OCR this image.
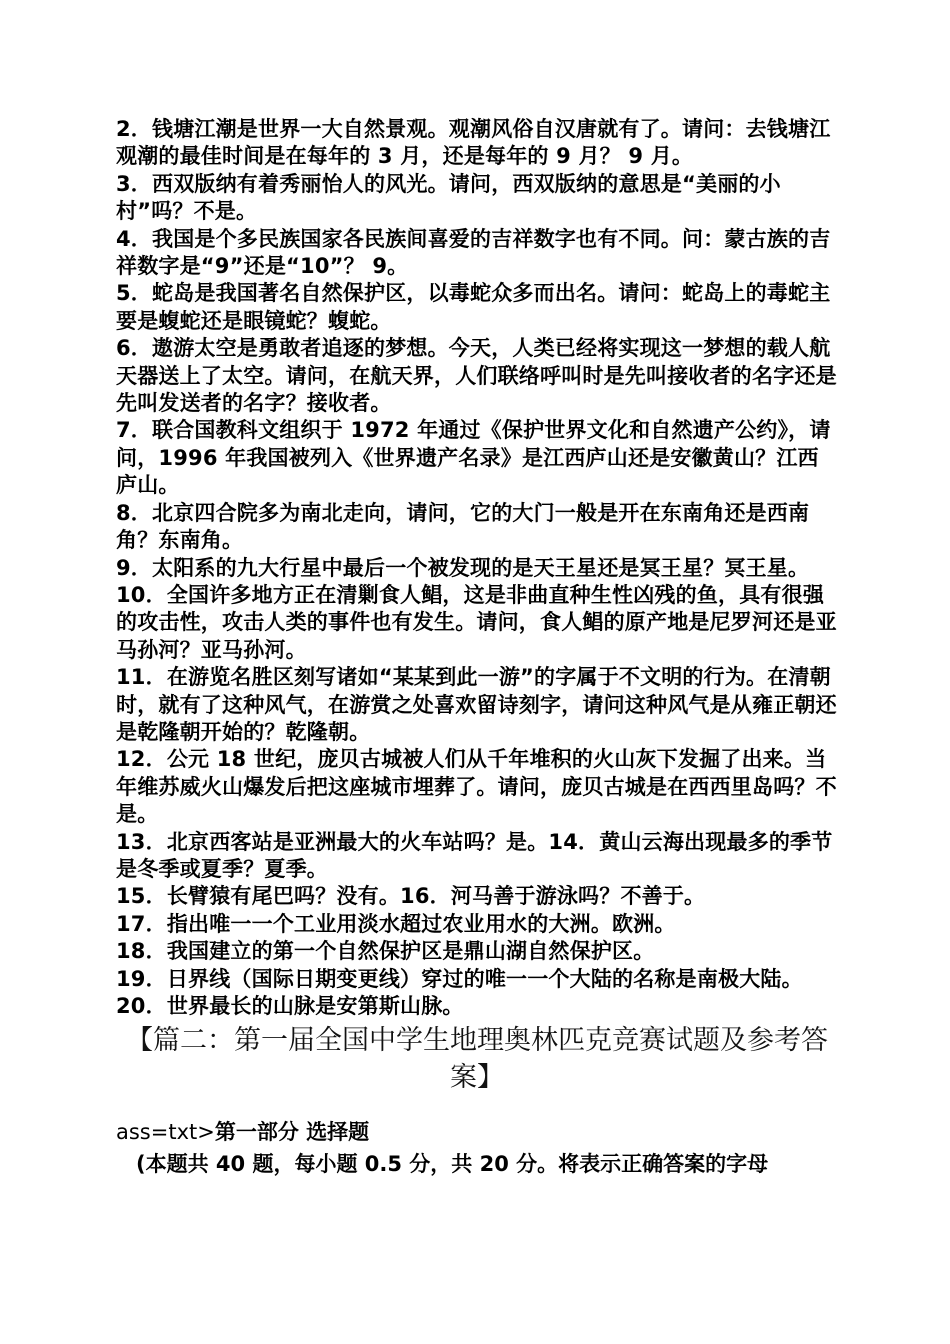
2．钱塘江潮是世界一大自然景观。观潮风俗自汉唐就有了。请问：去钱塘江观潮的最佳时间是在每年的 3 月，还是每年的 9 月？ 9 月。

3．西双版纳有着秀丽怡人的风光。请问，西双版纳的意思是“美丽的小村”吗？不是。

4．我国是个多民族国家各民族间喜爱的吉祥数字也有不同。问：蒙古族的吉祥数字是“9”还是“10”？ 9。

5．蛇岛是我国著名自然保护区，以毒蛇众多而出名。请问：蛇岛上的毒蛇主要是蝮蛇还是眼镜蛇？蝮蛇。

6．遨游太空是勇敢者追逐的梦想。今天，人类已经将实现这一梦想的载人航天器送上了太空。请问，在航天界，人们联络呼叫时是先叫接收者的名字还是先叫发送者的名字？接收者。

7．联合国教科文组织于 1972 年通过《保护世界文化和自然遗产公约》，请问，1996 年我国被列入《世界遗产名录》是江西庐山还是安徽黄山？江西庐山。

8．北京四合院多为南北走向，请问，它的大门一般是开在东南角还是西南角？东南角。

9．太阳系的九大行星中最后一个被发现的是天王星还是冥王星？冥王星。

10．全国许多地方正在清剿食人鲳，这是非曲直种生性凶残的鱼，具有很强的攻击性，攻击人类的事件也有发生。请问，食人鲳的原产地是尼罗河还是亚马孙河？亚马孙河。

11．在游览名胜区刻写诸如“某某到此一游”的字属于不文明的行为。在清朝时，就有了这种风气，在游赏之处喜欢留诗刻字，请问这种风气是从雍正朝还是乾隆朝开始的？乾隆朝。

12．公元 18 世纪，庞贝古城被人们从千年堆积的火山灰下发掘了出来。当年维苏威火山爆发后把这座城市埋葬了。请问，庞贝古城是在西西里岛吗？不是。

13．北京西客站是亚洲最大的火车站吗？是。14．黄山云海出现最多的季节是冬季或夏季？夏季。

15．长臂猿有尾巴吗？没有。16．河马善于游泳吗？不善于。

17．指出唯一一个工业用淡水超过农业用水的大洲。欧洲。

18．我国建立的第一个自然保护区是鼎山湖自然保护区。

19．日界线（国际日期变更线）穿过的唯一一个大陆的名称是南极大陆。

20．世界最长的山脉是安第斯山脉。

【篇二：第一届全国中学生地理奥林匹克竞赛试题及参考答案】

ass=txt>第一部分 选择题

(本题共 40 题，每小题 0.5 分，共 20 分。将表示正确答案的字母
